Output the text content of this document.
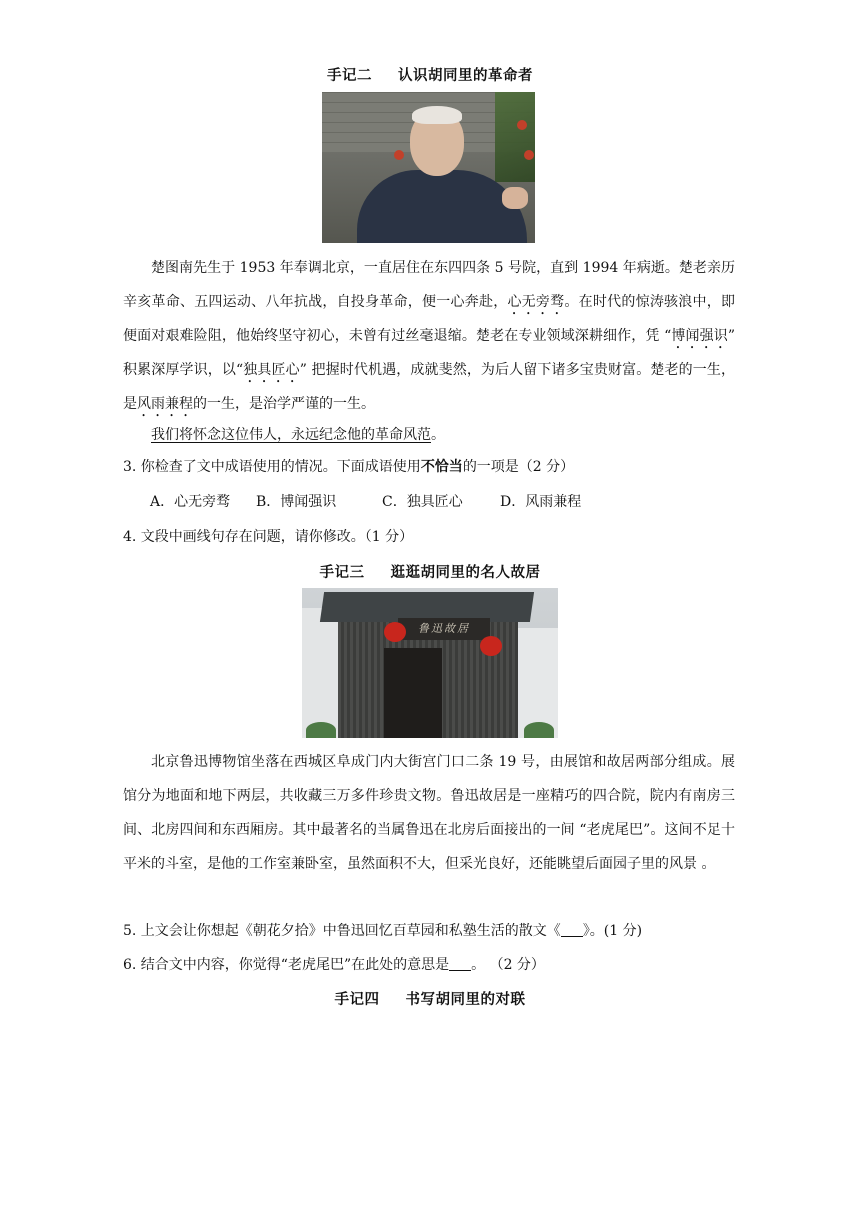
手记二 认识胡同里的革命者

楚图南先生于 1953 年奉调北京，一直居住在东四四条 5 号院，直到 1994 年病逝。楚老亲历辛亥革命、五四运动、八年抗战，自投身革命，便一心奔赴，心无旁骛。在时代的惊涛骇浪中，即便面对艰难险阻，他始终坚守初心，未曾有过丝毫退缩。楚老在专业领域深耕细作，凭 “博闻强识” 积累深厚学识，以“独具匠心” 把握时代机遇，成就斐然，为后人留下诸多宝贵财富。楚老的一生，是风雨兼程的一生，是治学严谨的一生。

我们将怀念这位伟人，永远纪念他的革命风范。
3. 你检查了文中成语使用的情况。下面成语使用不恰当的一项是（2 分）
A．心无旁骛 B．博闻强识	C．独具匠心	D．风雨兼程
4. 文段中画线句存在问题，请你修改。（1 分）
手记三 逛逛胡同里的名人故居
鲁迅故居

北京鲁迅博物馆坐落在西城区阜成门内大街宫门口二条 19 号，由展馆和故居两部分组成。展馆分为地面和地下两层，共收藏三万多件珍贵文物。鲁迅故居是一座精巧的四合院，院内有南房三间、北房四间和东西厢房。其中最著名的当属鲁迅在北房后面接出的一间 “老虎尾巴”。这间不足十平米的斗室，是他的工作室兼卧室，虽然面积不大，但采光良好，还能眺望后面园子里的风景 。

5. 上文会让你想起《朝花夕拾》中鲁迅回忆百草园和私塾生活的散文《 》。(1 分)
6. 结合文中内容，你觉得“老虎尾巴”在此处的意思是 。 （2 分）
手记四 书写胡同里的对联
